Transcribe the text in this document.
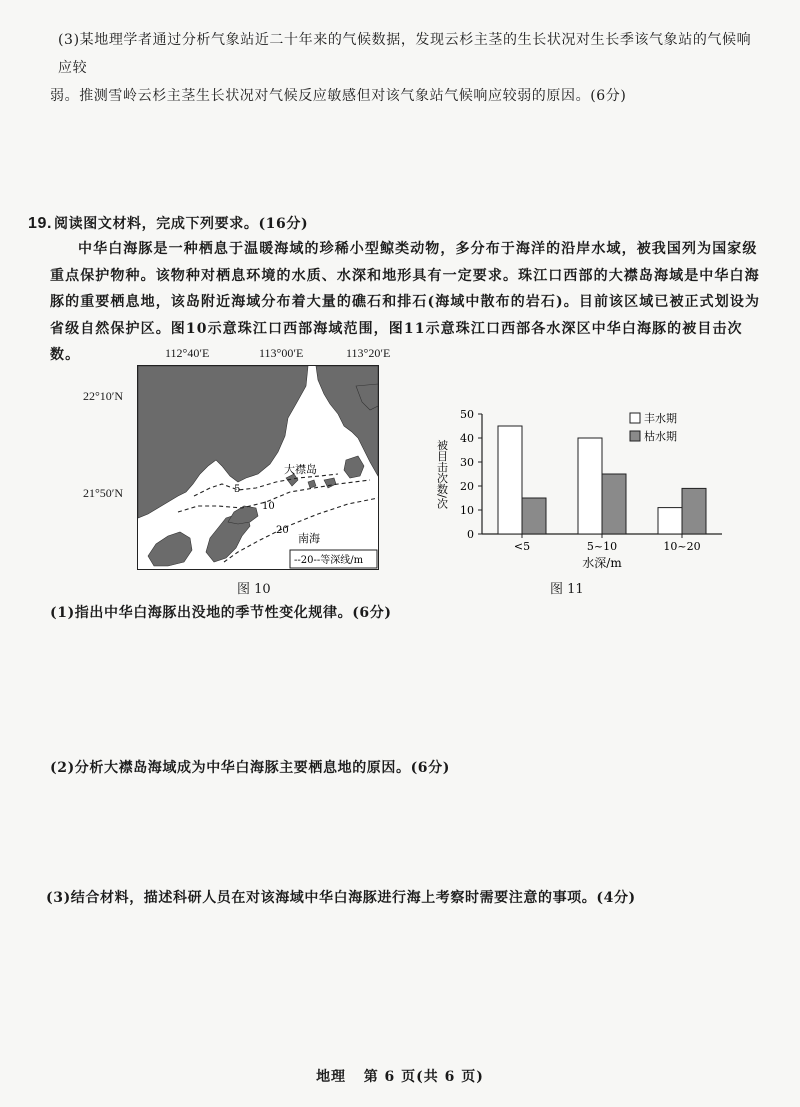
(3)某地理学者通过分析气象站近二十年来的气候数据，发现云杉主茎的生长状况对生长季该气象站的气候响应较
弱。推测雪岭云杉主茎生长状况对气候反应敏感但对该气象站气候响应较弱的原因。(6分)
19. 阅读图文材料，完成下列要求。(16分)
中华白海豚是一种栖息于温暖海域的珍稀小型鲸类动物，多分布于海洋的沿岸水域，被我国列为国家级重点保护物种。该物种对栖息环境的水质、水深和地形具有一定要求。珠江口西部的大襟岛海域是中华白海豚的重要栖息地，该岛附近海域分布着大量的礁石和排石(海域中散布的岩石)。目前该区域已被正式划设为省级自然保护区。图10示意珠江口西部海域范围，图11示意珠江口西部各水深区中华白海豚的被目击次数。	112°40′E	113°00′E	113°20′E
22°10′N
21°50′N
大襟岛
5
10
20
南海
--20--等深线/m
图 10
0
10
20
30
40
50
被目击次数/次
<5	5~10	10~20
水深/m
丰水期
枯水期
图 11
(1)指出中华白海豚出没地的季节性变化规律。(6分)
(2)分析大襟岛海域成为中华白海豚主要栖息地的原因。(6分)
(3)结合材料，描述科研人员在对该海域中华白海豚进行海上考察时需要注意的事项。(4分)
地理 第 6 页(共 6 页)
